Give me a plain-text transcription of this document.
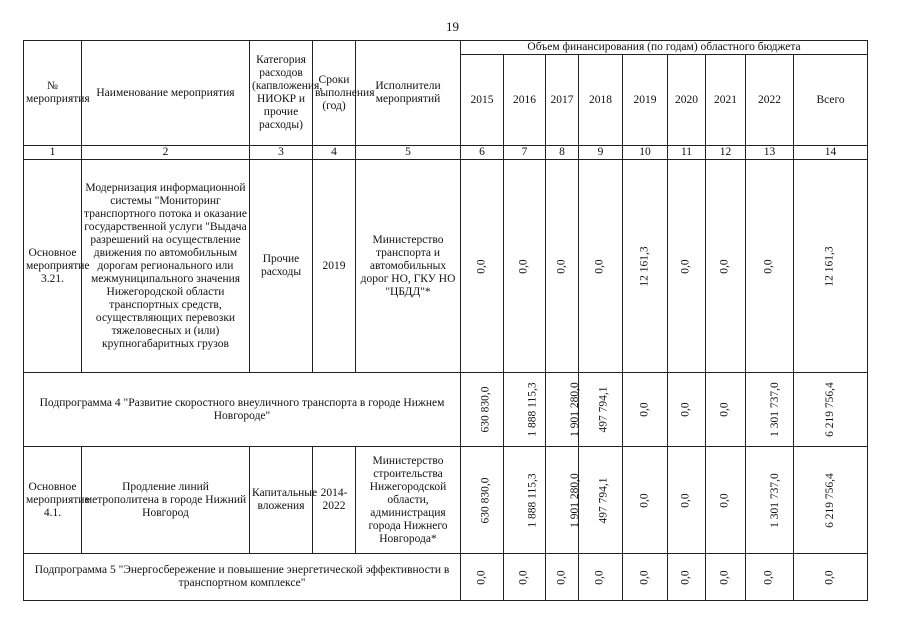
19
№ мероприятия	Наименование мероприятия	Категория расходов (капвложения, НИОКР и прочие расходы)	Сроки выполнения (год)	Исполнители мероприятий	Объем финансирования (по годам) областного бюджета								
					2015	2016	2017	2018	2019	2020	2021	2022	Всего
1	2	3	4	5	6	7	8	9	10	11	12	13	14
Основное мероприятие 3.21.	Модернизация информационной системы "Мониторинг транспортного потока и оказание государственной услуги "Выдача разрешений на осуществление движения по автомобильным дорогам регионального или межмуниципального значения Нижегородской области транспортных средств, осуществляющих перевозки тяжеловесных и (или) крупногабаритных грузов	Прочие расходы	2019	Министерство транспорта и автомобильных дорог НО, ГКУ НО "ЦБДД"*	0,0	0,0	0,0	0,0	12 161,3	0,0	0,0	0,0	12 161,3
Подпрограмма 4 "Развитие скоростного внеуличного транспорта в городе Нижнем Новгороде"					630 830,0	1 888 115,3	1 901 280,0	497 794,1	0,0	0,0	0,0	1 301 737,0	6 219 756,4
Основное мероприятие 4.1.	Продление линий метрополитена в городе Нижний Новгород	Капитальные вложения	2014-2022	Министерство строительства Нижегородской области, администрация города Нижнего Новгорода*	630 830,0	1 888 115,3	1 901 280,0	497 794,1	0,0	0,0	0,0	1 301 737,0	6 219 756,4
Подпрограмма 5 "Энергосбережение и повышение энергетической эффективности в транспортном комплексе"					0,0	0,0	0,0	0,0	0,0	0,0	0,0	0,0	0,0
